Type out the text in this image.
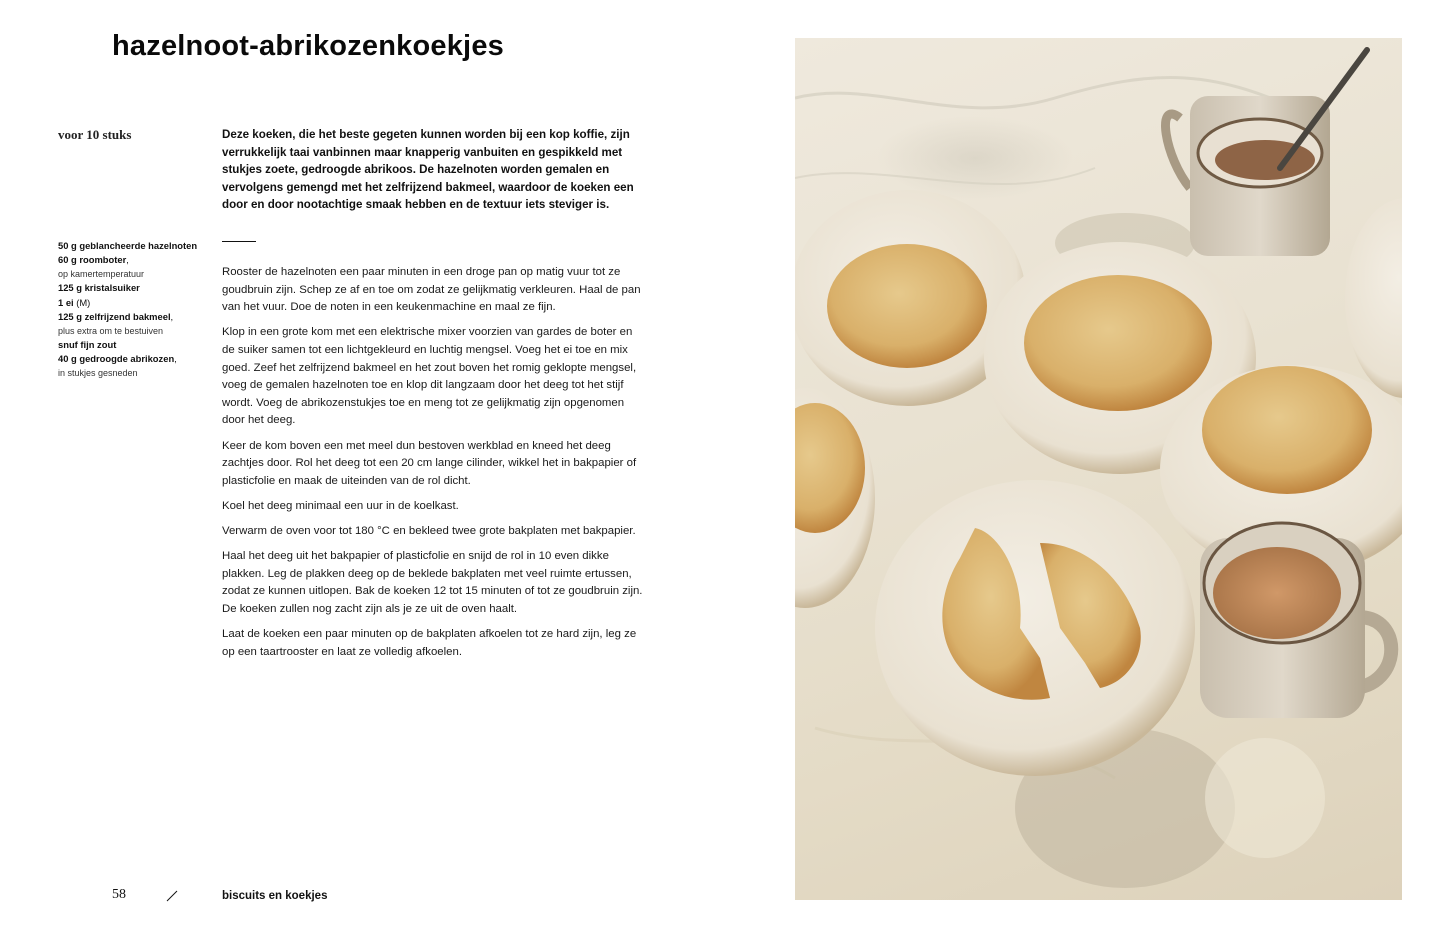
hazelnoot-abrikozenkoekjes
voor 10 stuks	Deze koeken, die het beste gegeten kunnen worden bij een kop koffie, zijn verrukkelijk taai vanbinnen maar knapperig vanbuiten en gespikkeld met stukjes zoete, gedroogde abrikoos. De hazelnoten worden gemalen en vervolgens gemengd met het zelfrijzend bakmeel, waardoor de koeken een door en door nootachtige smaak hebben en de textuur iets steviger is.

50 g geblancheerde hazelnoten
60 g roomboter,
op kamertemperatuur
125 g kristalsuiker
1 ei (M)
125 g zelfrijzend bakmeel,
plus extra om te bestuiven
snuf fijn zout
40 g gedroogde abrikozen,
in stukjes gesneden

Rooster de hazelnoten een paar minuten in een droge pan op matig vuur tot ze goudbruin zijn. Schep ze af en toe om zodat ze gelijkmatig verkleuren. Haal de pan van het vuur. Doe de noten in een keukenmachine en maal ze fijn.

Klop in een grote kom met een elektrische mixer voorzien van gardes de boter en de suiker samen tot een lichtgekleurd en luchtig mengsel. Voeg het ei toe en mix goed. Zeef het zelfrijzend bakmeel en het zout boven het romig geklopte mengsel, voeg de gemalen hazelnoten toe en klop dit langzaam door het deeg tot het stijf wordt. Voeg de abrikozenstukjes toe en meng tot ze gelijkmatig zijn opgenomen door het deeg.

Keer de kom boven een met meel dun bestoven werkblad en kneed het deeg zachtjes door. Rol het deeg tot een 20 cm lange cilinder, wikkel het in bakpapier of plasticfolie en maak de uiteinden van de rol dicht.

Koel het deeg minimaal een uur in de koelkast.

Verwarm de oven voor tot 180 °C en bekleed twee grote bakplaten met bakpapier.

Haal het deeg uit het bakpapier of plasticfolie en snijd de rol in 10 even dikke plakken. Leg de plakken deeg op de beklede bakplaten met veel ruimte ertussen, zodat ze kunnen uitlopen. Bak de koeken 12 tot 15 minuten of tot ze goudbruin zijn. De koeken zullen nog zacht zijn als je ze uit de oven haalt.

Laat de koeken een paar minuten op de bakplaten afkoelen tot ze hard zijn, leg ze op een taartrooster en laat ze volledig afkoelen.

58	biscuits en koekjes
